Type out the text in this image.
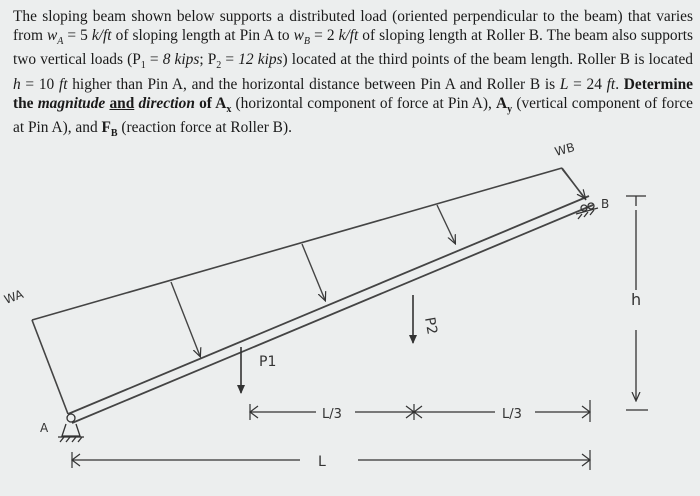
The sloping beam shown below supports a distributed load (oriented perpendicular to the beam) that varies from $w_A = 5$ k/ft of sloping length at Pin A to $w_B = 2$ k/ft of sloping length at Roller B. The beam also supports two vertical loads ($P_1 = 8$ kips; $P_2 = 12$ kips) located at the third points of the beam length. Roller B is located h = 10 ft higher than Pin A, and the horizontal distance between Pin A and Roller B is L = 24 ft. Determine the magnitude and direction of $A_x$ (horizontal component of force at Pin A), $A_y$ (vertical component of force at Pin A), and $F_B$ (reaction force at Roller B).

P1
P2
WA
WB
A
B
h
L/3	L/3
L
